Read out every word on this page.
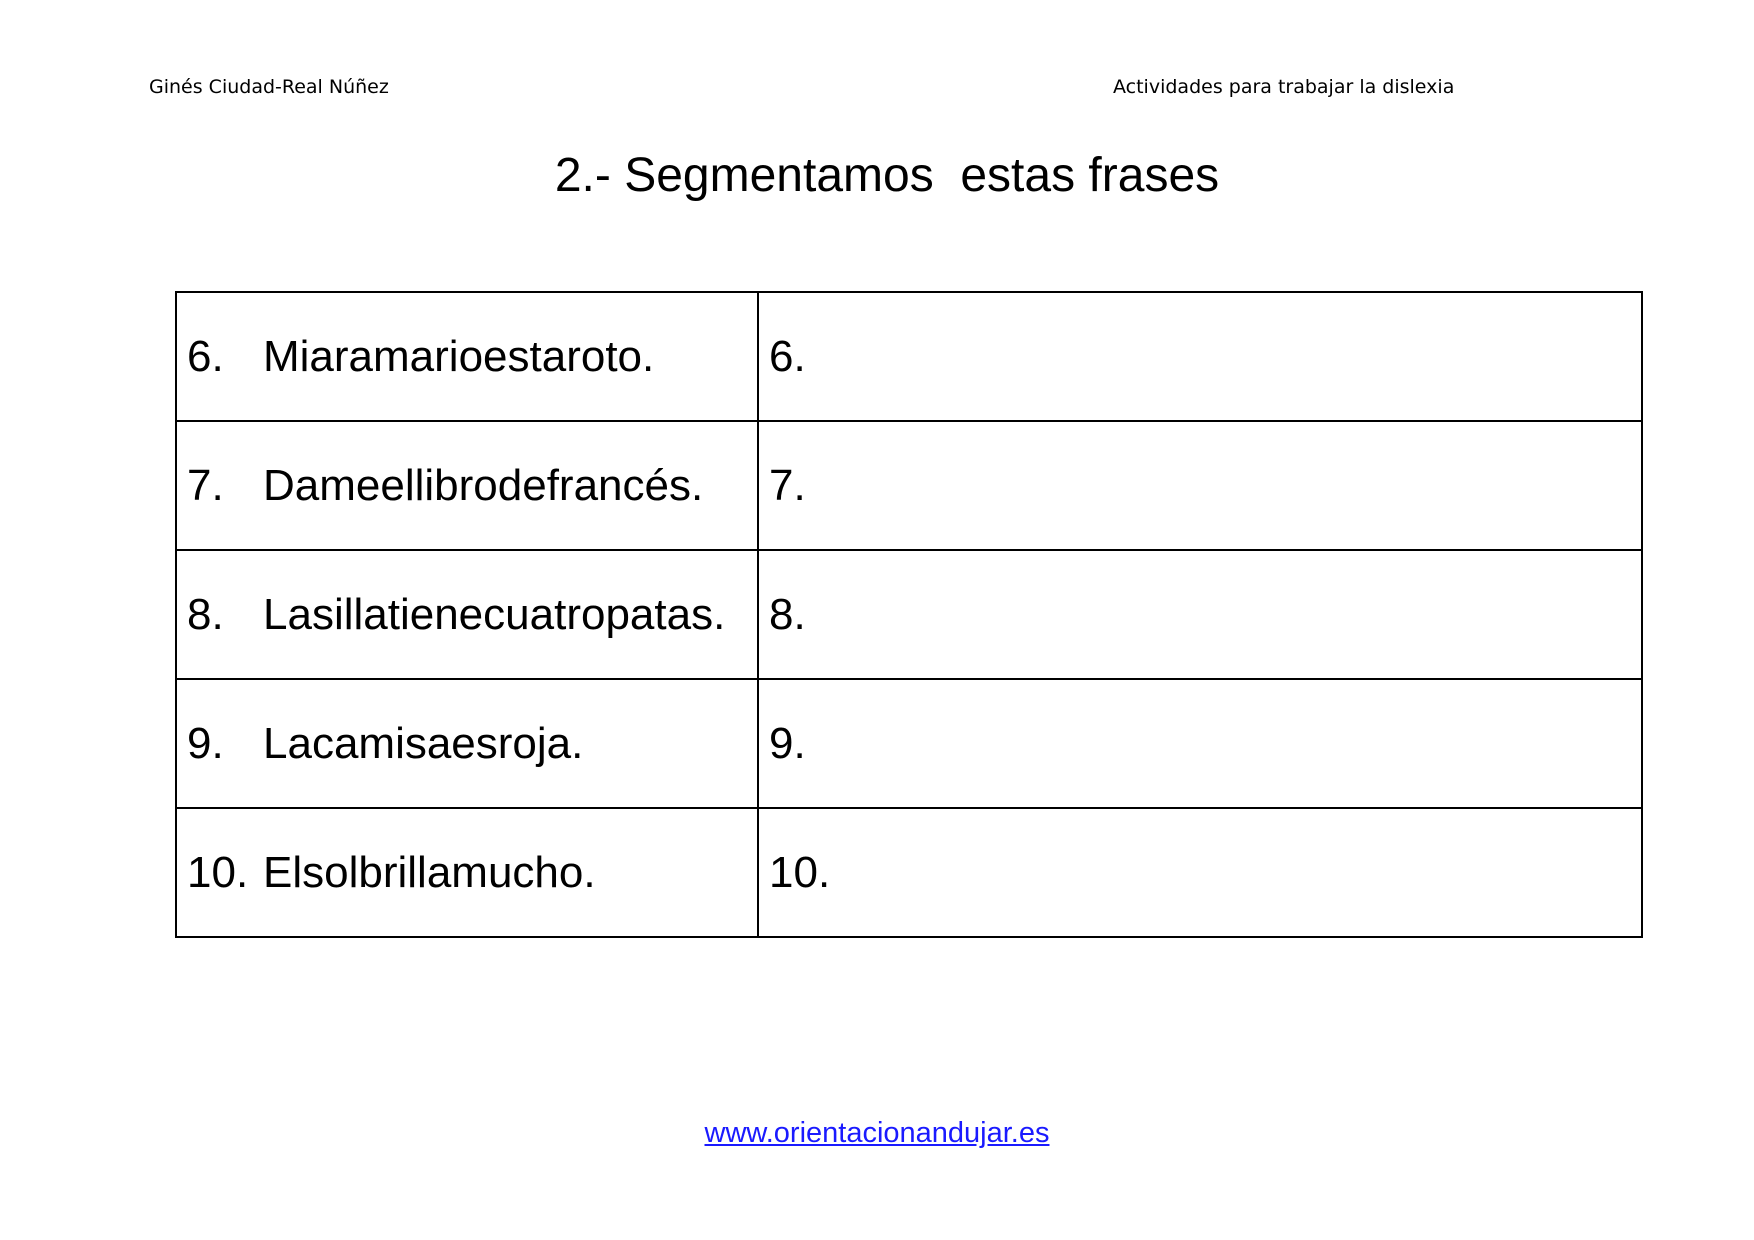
Ginés Ciudad-Real Núñez	Actividades para trabajar la dislexia
2.- Segmentamos  estas frases
6. Miaramarioestaroto.	6.
7. Dameellibrodefrancés.	7.
8. Lasillatienecuatropatas.	8.
9. Lacamisaesroja.	9.
10. Elsolbrillamucho.	10.
www.orientacionandujar.es
